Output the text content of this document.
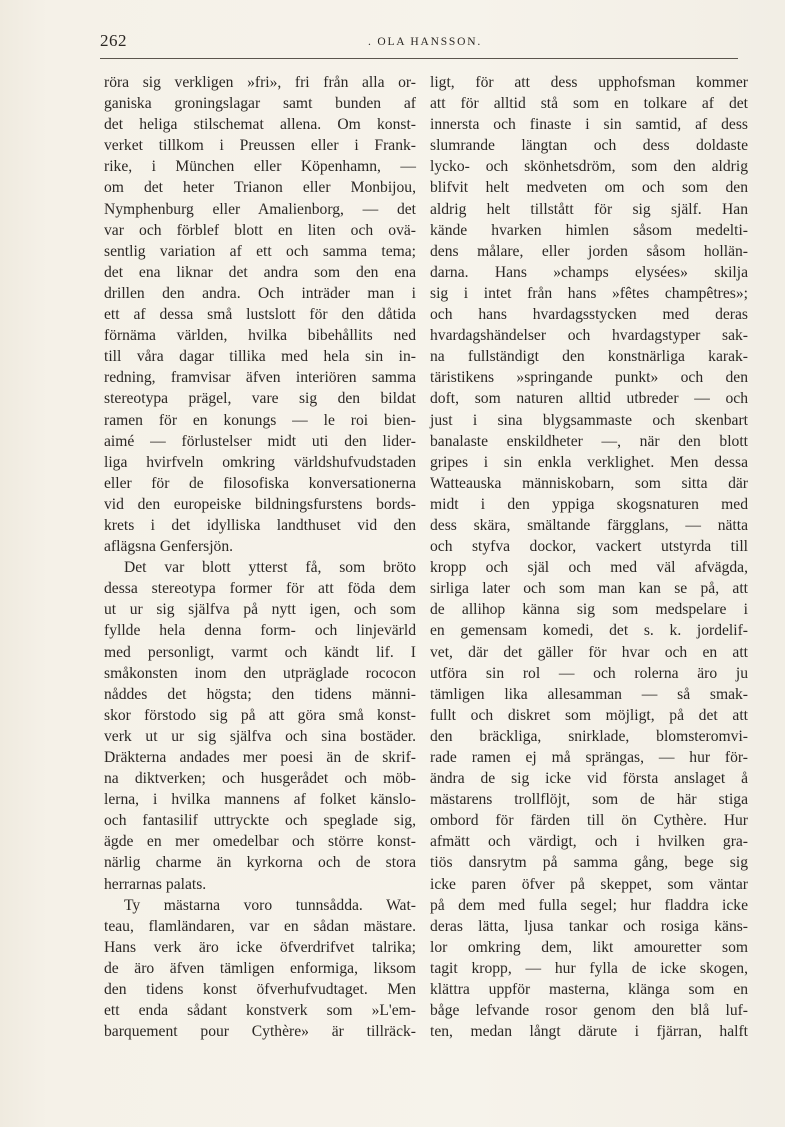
262	. OLA HANSSON.
röra sig verkligen »fri», fri från alla or-
ganiska groningslagar samt bunden af
det heliga stilschemat allena. Om konst-
verket tillkom i Preussen eller i Frank-
rike, i München eller Köpenhamn, —
om det heter Trianon eller Monbijou,
Nymphenburg eller Amalienborg, — det
var och förblef blott en liten och ovä-
sentlig variation af ett och samma tema;
det ena liknar det andra som den ena
drillen den andra. Och inträder man i
ett af dessa små lustslott för den dåtida
förnäma världen, hvilka bibehållits ned
till våra dagar tillika med hela sin in-
redning, framvisar äfven interiören samma
stereotypa prägel, vare sig den bildat
ramen för en konungs — le roi bien-
aimé — förlustelser midt uti den lider-
liga hvirfveln omkring världshufvudstaden
eller för de filosofiska konversationerna
vid den europeiske bildningsfurstens bords-
krets i det idylliska landthuset vid den
aflägsna Genfersjön.
Det var blott ytterst få, som bröto
dessa stereotypa former för att föda dem
ut ur sig själfva på nytt igen, och som
fyllde hela denna form- och linjevärld
med personligt, varmt och kändt lif. I
småkonsten inom den utpräglade rococon
nåddes det högsta; den tidens männi-
skor förstodo sig på att göra små konst-
verk ut ur sig själfva och sina bostäder.
Dräkterna andades mer poesi än de skrif-
na diktverken; och husgerådet och möb-
lerna, i hvilka mannens af folket känslo-
och fantasilif uttryckte och speglade sig,
ägde en mer omedelbar och större konst-
närlig charme än kyrkorna och de stora
herrarnas palats.
Ty mästarna voro tunnsådda. Wat-
teau, flamländaren, var en sådan mästare.
Hans verk äro icke öfverdrifvet talrika;
de äro äfven tämligen enformiga, liksom
den tidens konst öfverhufvudtaget. Men
ett enda sådant konstverk som »L'em-
barquement pour Cythère» är tillräck-
ligt, för att dess upphofsman kommer
att för alltid stå som en tolkare af det
innersta och finaste i sin samtid, af dess
slumrande längtan och dess doldaste
lycko- och skönhetsdröm, som den aldrig
blifvit helt medveten om och som den
aldrig helt tillstått för sig själf. Han
kände hvarken himlen såsom medelti-
dens målare, eller jorden såsom hollän-
darna. Hans »champs elysées» skilja
sig i intet från hans »fêtes champêtres»;
och hans hvardagsstycken med deras
hvardagshändelser och hvardagstyper sak-
na fullständigt den konstnärliga karak-
täristikens »springande punkt» och den
doft, som naturen alltid utbreder — och
just i sina blygsammaste och skenbart
banalaste enskildheter —, när den blott
gripes i sin enkla verklighet. Men dessa
Watteauska människobarn, som sitta där
midt i den yppiga skogsnaturen med
dess skära, smältande färgglans, — nätta
och styfva dockor, vackert utstyrda till
kropp och själ och med väl afvägda,
sirliga later och som man kan se på, att
de allihop känna sig som medspelare i
en gemensam komedi, det s. k. jordelif-
vet, där det gäller för hvar och en att
utföra sin rol — och rolerna äro ju
tämligen lika allesamman — så smak-
fullt och diskret som möjligt, på det att
den bräckliga, snirklade, blomsteromvi-
rade ramen ej må sprängas, — hur för-
ändra de sig icke vid första anslaget å
mästarens trollflöjt, som de här stiga
ombord för färden till ön Cythère. Hur
afmätt och värdigt, och i hvilken gra-
tiös dansrytm på samma gång, bege sig
icke paren öfver på skeppet, som väntar
på dem med fulla segel; hur fladdra icke
deras lätta, ljusa tankar och rosiga käns-
lor omkring dem, likt amouretter som
tagit kropp, — hur fylla de icke skogen,
klättra uppför masterna, klänga som en
båge lefvande rosor genom den blå luf-
ten, medan långt därute i fjärran, halft
